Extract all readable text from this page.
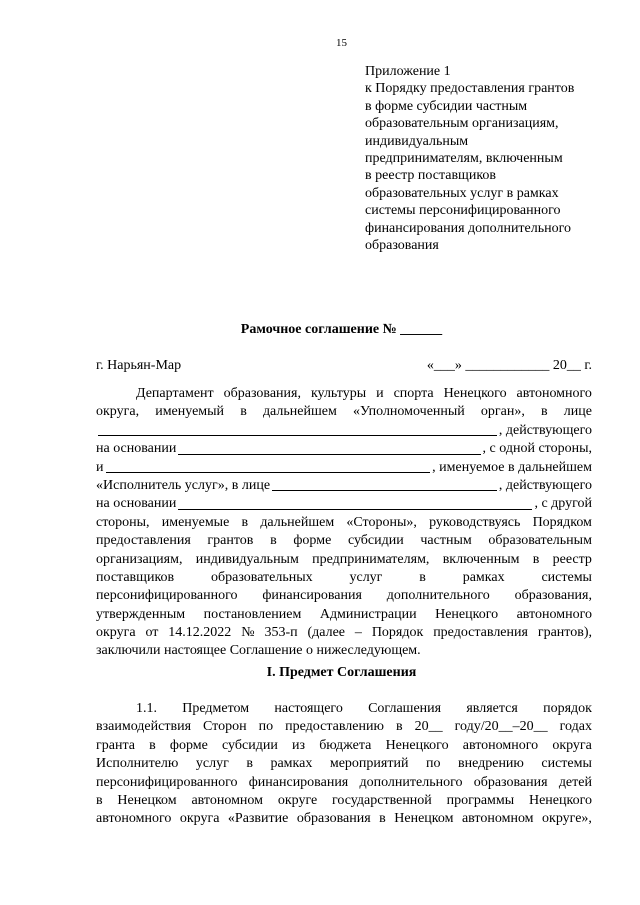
15
Приложение 1
к Порядку предоставления грантов
в форме субсидии частным
образовательным организациям,
индивидуальным
предпринимателям, включенным
в реестр поставщиков
образовательных услуг в рамках
системы персонифицированного
финансирования дополнительного
образования
Рамочное соглашение № ______
г. Нарьян-Мар	«___» ____________ 20__ г.
Департамент образования, культуры и спорта Ненецкого автономного
округа, именуемый в дальнейшем «Уполномоченный орган», в лице
, действующего
на основании	, с одной стороны,
и	, именуемое в дальнейшем
«Исполнитель услуг», в лице	, действующего
на основании	, с другой
стороны, именуемые в дальнейшем «Стороны», руководствуясь Порядком
предоставления грантов в форме субсидии частным образовательным
организациям, индивидуальным предпринимателям, включенным в реестр
поставщиков	образовательных	услуг	в	рамках	системы
персонифицированного финансирования дополнительного образования,
утвержденным постановлением Администрации Ненецкого автономного
округа от 14.12.2022 № 353-п (далее – Порядок предоставления грантов),
заключили настоящее Соглашение о нижеследующем.
I. Предмет Соглашения
1.1. Предметом настоящего Соглашения является порядок
взаимодействия Сторон по предоставлению в 20__ году/20__–20__ годах
гранта в форме субсидии из бюджета Ненецкого автономного округа
Исполнителю услуг в рамках мероприятий по внедрению системы
персонифицированного финансирования дополнительного образования детей
в Ненецком автономном округе государственной программы Ненецкого
автономного округа «Развитие образования в Ненецком автономном округе»,
